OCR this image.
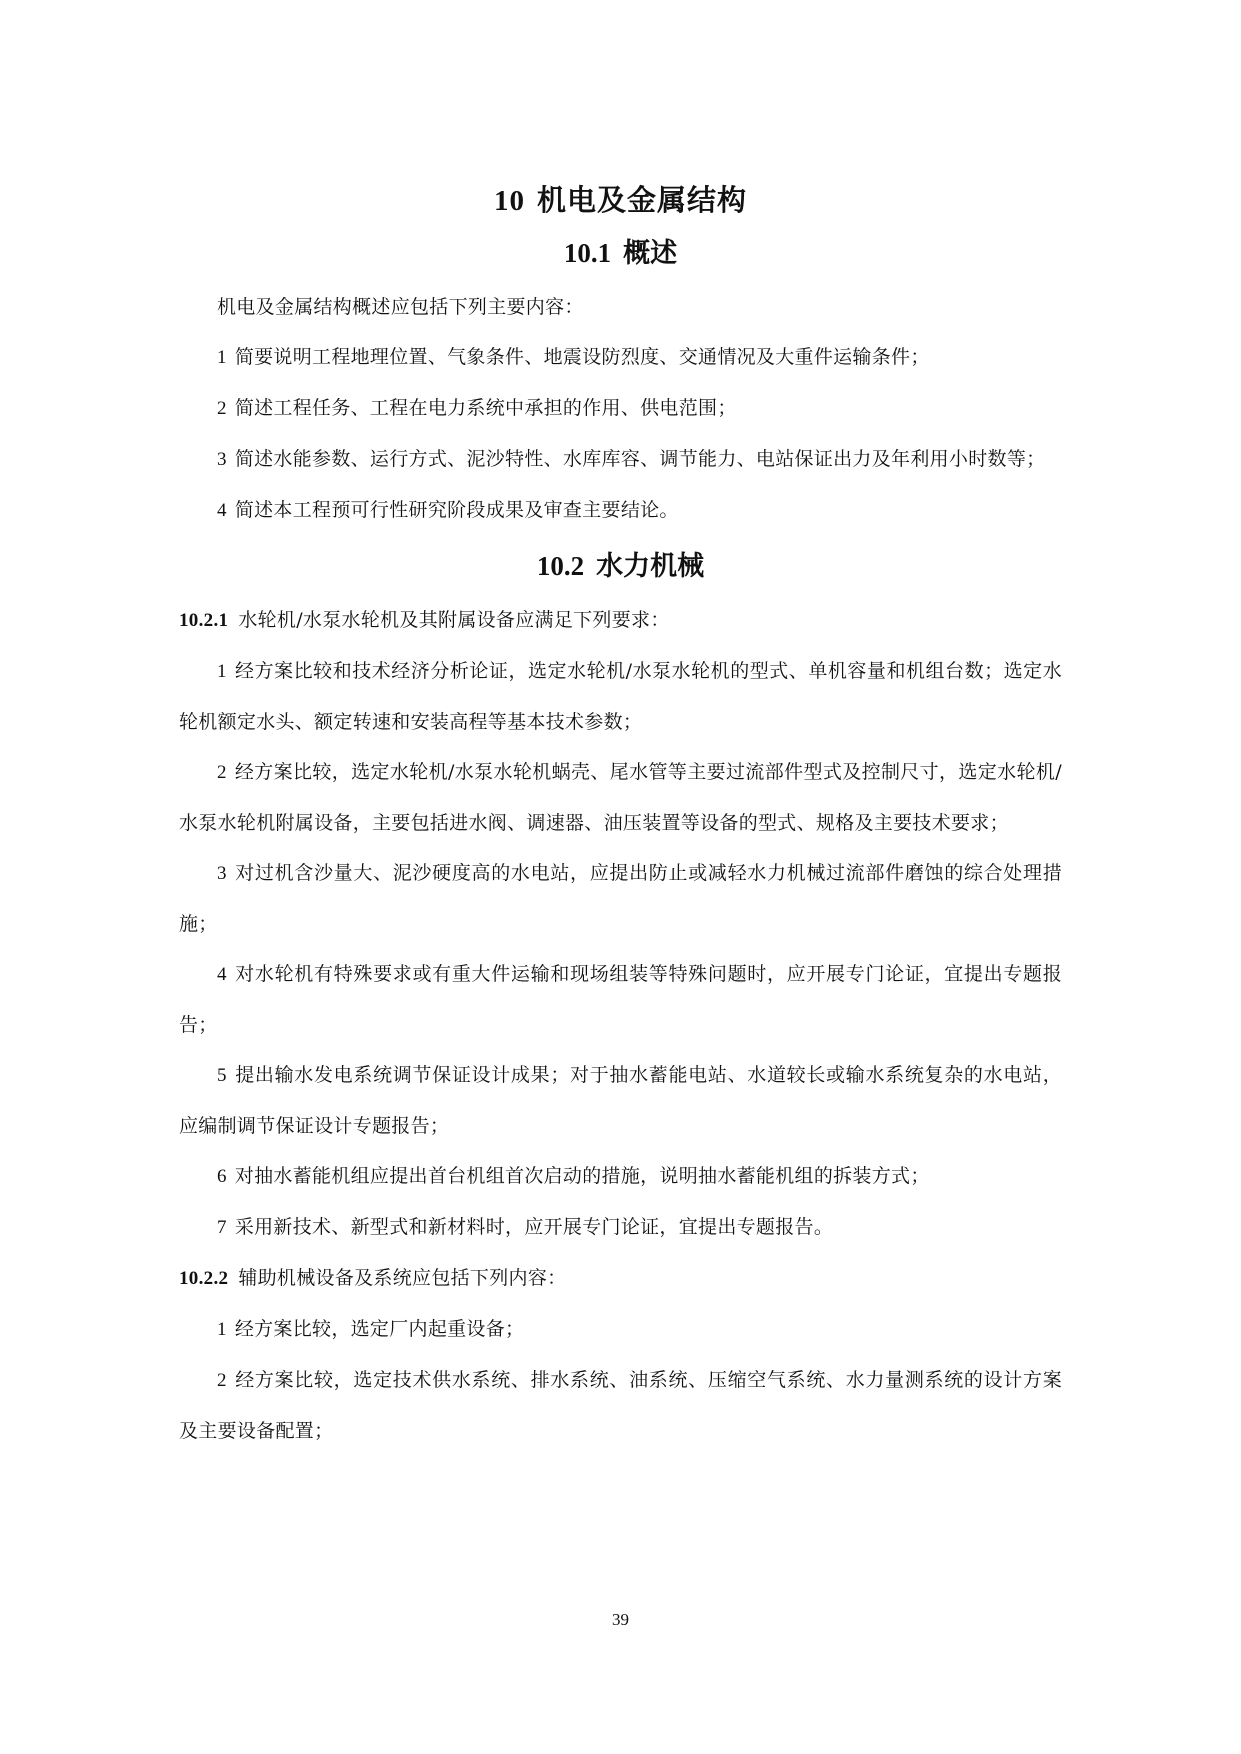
10 机电及金属结构
10.1 概述

机电及金属结构概述应包括下列主要内容：

1 简要说明工程地理位置、气象条件、地震设防烈度、交通情况及大重件运输条件；

2 简述工程任务、工程在电力系统中承担的作用、供电范围；

3 简述水能参数、运行方式、泥沙特性、水库库容、调节能力、电站保证出力及年利用小时数等；

4 简述本工程预可行性研究阶段成果及审查主要结论。

10.2 水力机械

10.2.1 水轮机/水泵水轮机及其附属设备应满足下列要求：

1 经方案比较和技术经济分析论证，选定水轮机/水泵水轮机的型式、单机容量和机组台数；选定水轮机额定水头、额定转速和安装高程等基本技术参数；

2 经方案比较，选定水轮机/水泵水轮机蜗壳、尾水管等主要过流部件型式及控制尺寸，选定水轮机/水泵水轮机附属设备，主要包括进水阀、调速器、油压装置等设备的型式、规格及主要技术要求；

3 对过机含沙量大、泥沙硬度高的水电站，应提出防止或减轻水力机械过流部件磨蚀的综合处理措施；

4 对水轮机有特殊要求或有重大件运输和现场组装等特殊问题时，应开展专门论证，宜提出专题报告；

5 提出输水发电系统调节保证设计成果；对于抽水蓄能电站、水道较长或输水系统复杂的水电站，应编制调节保证设计专题报告；

6 对抽水蓄能机组应提出首台机组首次启动的措施，说明抽水蓄能机组的拆装方式；

7 采用新技术、新型式和新材料时，应开展专门论证，宜提出专题报告。

10.2.2 辅助机械设备及系统应包括下列内容：

1 经方案比较，选定厂内起重设备；

2 经方案比较，选定技术供水系统、排水系统、油系统、压缩空气系统、水力量测系统的设计方案及主要设备配置；

39
